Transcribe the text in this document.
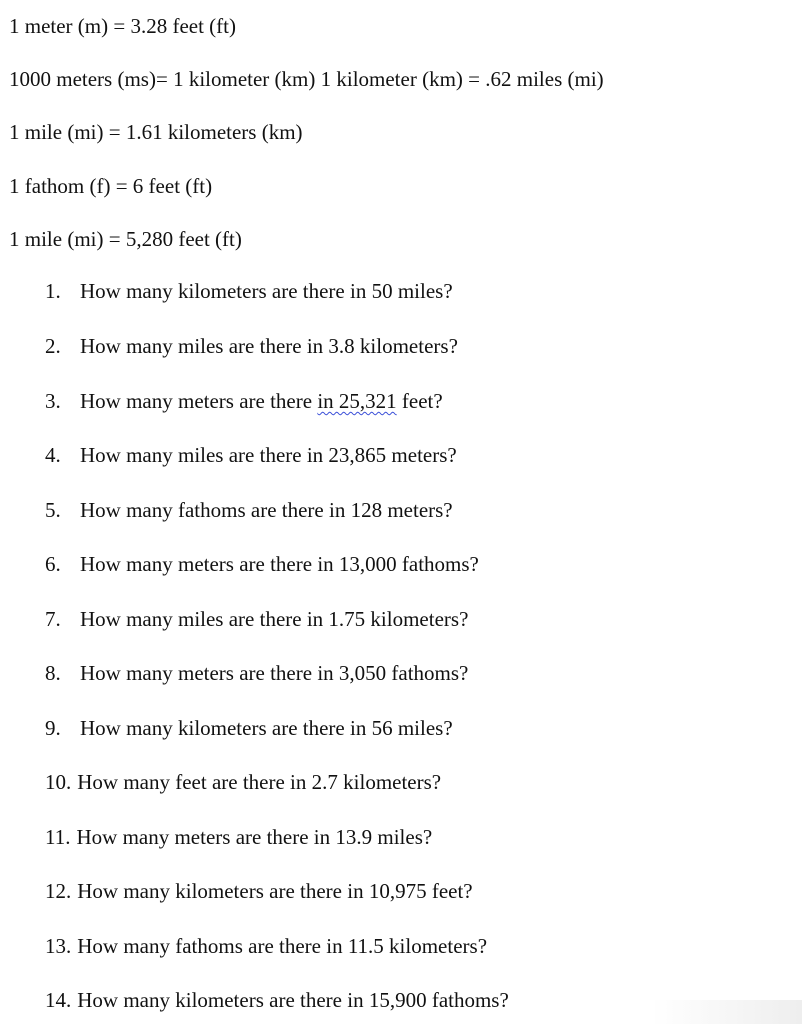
1 meter (m) = 3.28 feet (ft)
1000 meters (ms)= 1 kilometer (km) 1 kilometer (km) = .62 miles (mi)
1 mile (mi) = 1.61 kilometers (km)
1 fathom (f) = 6 feet (ft)
1 mile (mi) = 5,280 feet (ft)
1. How many kilometers are there in 50 miles?
2. How many miles are there in 3.8 kilometers?
3. How many meters are there in 25,321 feet?
4. How many miles are there in 23,865 meters?
5. How many fathoms are there in 128 meters?
6. How many meters are there in 13,000 fathoms?
7. How many miles are there in 1.75 kilometers?
8. How many meters are there in 3,050 fathoms?
9. How many kilometers are there in 56 miles?
10. How many feet are there in 2.7 kilometers?
11. How many meters are there in 13.9 miles?
12. How many kilometers are there in 10,975 feet?
13. How many fathoms are there in 11.5 kilometers?
14. How many kilometers are there in 15,900 fathoms?
